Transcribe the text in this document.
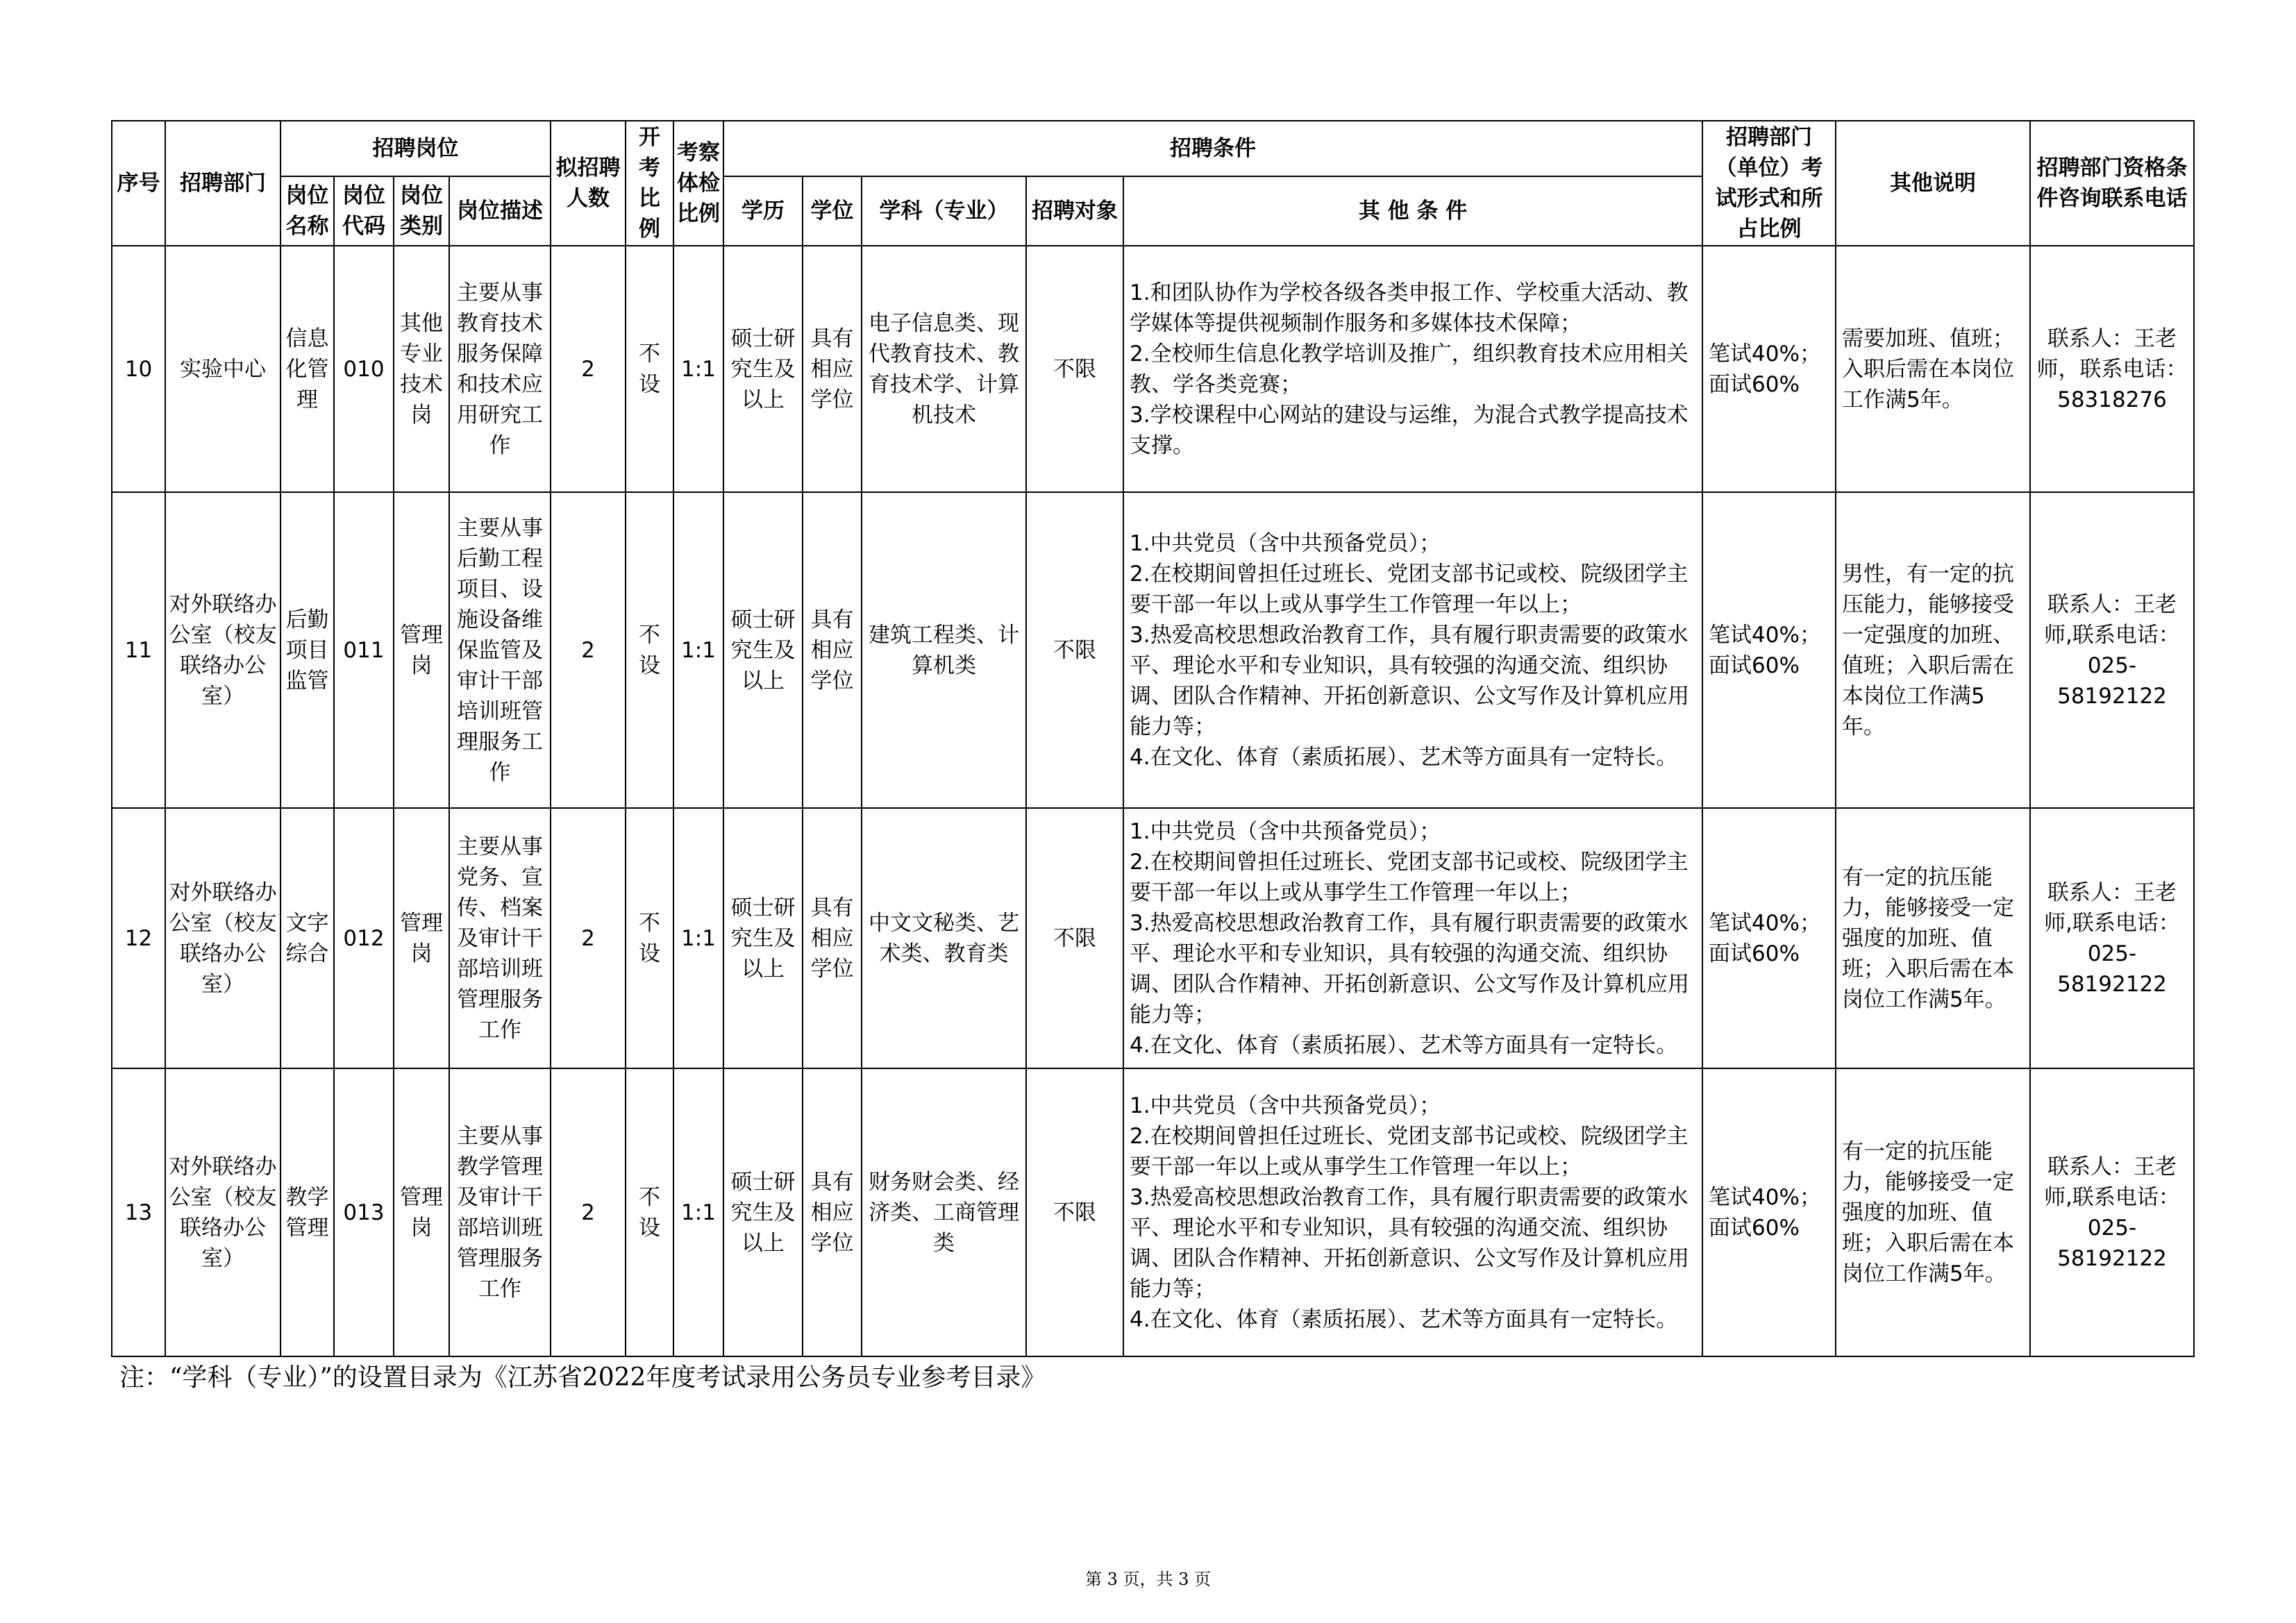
序号	招聘部门	招聘岗位				拟招聘人数	开考比例	考察体检比例	招聘条件					招聘部门（单位）考试形式和所占比例	其他说明	招聘部门资格条件咨询联系电话
		岗位名称	岗位代码	岗位类别	岗位描述				学历	学位	学科（专业）	招聘对象	其 他 条 件			
10	实验中心	信息化管理	010	其他专业技术岗	主要从事教育技术服务保障和技术应用研究工作	2	不设	1:1	硕士研究生及以上	具有相应学位	电子信息类、现代教育技术、教育技术学、计算机技术	不限	1.和团队协作为学校各级各类申报工作、学校重大活动、教学媒体等提供视频制作服务和多媒体技术保障；
2.全校师生信息化教学培训及推广，组织教育技术应用相关教、学各类竞赛；
3.学校课程中心网站的建设与运维，为混合式教学提高技术支撑。	笔试40%；面试60%	需要加班、值班；入职后需在本岗位工作满5年。	联系人：王老师，联系电话：58318276
11	对外联络办公室（校友联络办公室）	后勤项目监管	011	管理岗	主要从事后勤工程项目、设施设备维保监管及审计干部培训班管理服务工作	2	不设	1:1	硕士研究生及以上	具有相应学位	建筑工程类、计算机类	不限	1.中共党员（含中共预备党员）；
2.在校期间曾担任过班长、党团支部书记或校、院级团学主要干部一年以上或从事学生工作管理一年以上；
3.热爱高校思想政治教育工作，具有履行职责需要的政策水平、理论水平和专业知识，具有较强的沟通交流、组织协调、团队合作精神、开拓创新意识、公文写作及计算机应用能力等；
4.在文化、体育（素质拓展）、艺术等方面具有一定特长。	笔试40%；面试60%	男性，有一定的抗压能力，能够接受一定强度的加班、值班；入职后需在本岗位工作满5年。	联系人：王老师,联系电话：025-58192122
12	对外联络办公室（校友联络办公室）	文字综合	012	管理岗	主要从事党务、宣传、档案及审计干部培训班管理服务工作	2	不设	1:1	硕士研究生及以上	具有相应学位	中文文秘类、艺术类、教育类	不限	1.中共党员（含中共预备党员）；
2.在校期间曾担任过班长、党团支部书记或校、院级团学主要干部一年以上或从事学生工作管理一年以上；
3.热爱高校思想政治教育工作，具有履行职责需要的政策水平、理论水平和专业知识，具有较强的沟通交流、组织协调、团队合作精神、开拓创新意识、公文写作及计算机应用能力等；
4.在文化、体育（素质拓展）、艺术等方面具有一定特长。	笔试40%；面试60%	有一定的抗压能力，能够接受一定强度的加班、值班；入职后需在本岗位工作满5年。	联系人：王老师,联系电话：025-58192122
13	对外联络办公室（校友联络办公室）	教学管理	013	管理岗	主要从事教学管理及审计干部培训班管理服务工作	2	不设	1:1	硕士研究生及以上	具有相应学位	财务财会类、经济类、工商管理类	不限	1.中共党员（含中共预备党员）；
2.在校期间曾担任过班长、党团支部书记或校、院级团学主要干部一年以上或从事学生工作管理一年以上；
3.热爱高校思想政治教育工作，具有履行职责需要的政策水平、理论水平和专业知识，具有较强的沟通交流、组织协调、团队合作精神、开拓创新意识、公文写作及计算机应用能力等；
4.在文化、体育（素质拓展）、艺术等方面具有一定特长。	笔试40%；面试60%	有一定的抗压能力，能够接受一定强度的加班、值班；入职后需在本岗位工作满5年。	联系人：王老师,联系电话：025-58192122
注：“学科（专业）”的设置目录为《江苏省2022年度考试录用公务员专业参考目录》
第 3 页，共 3 页
